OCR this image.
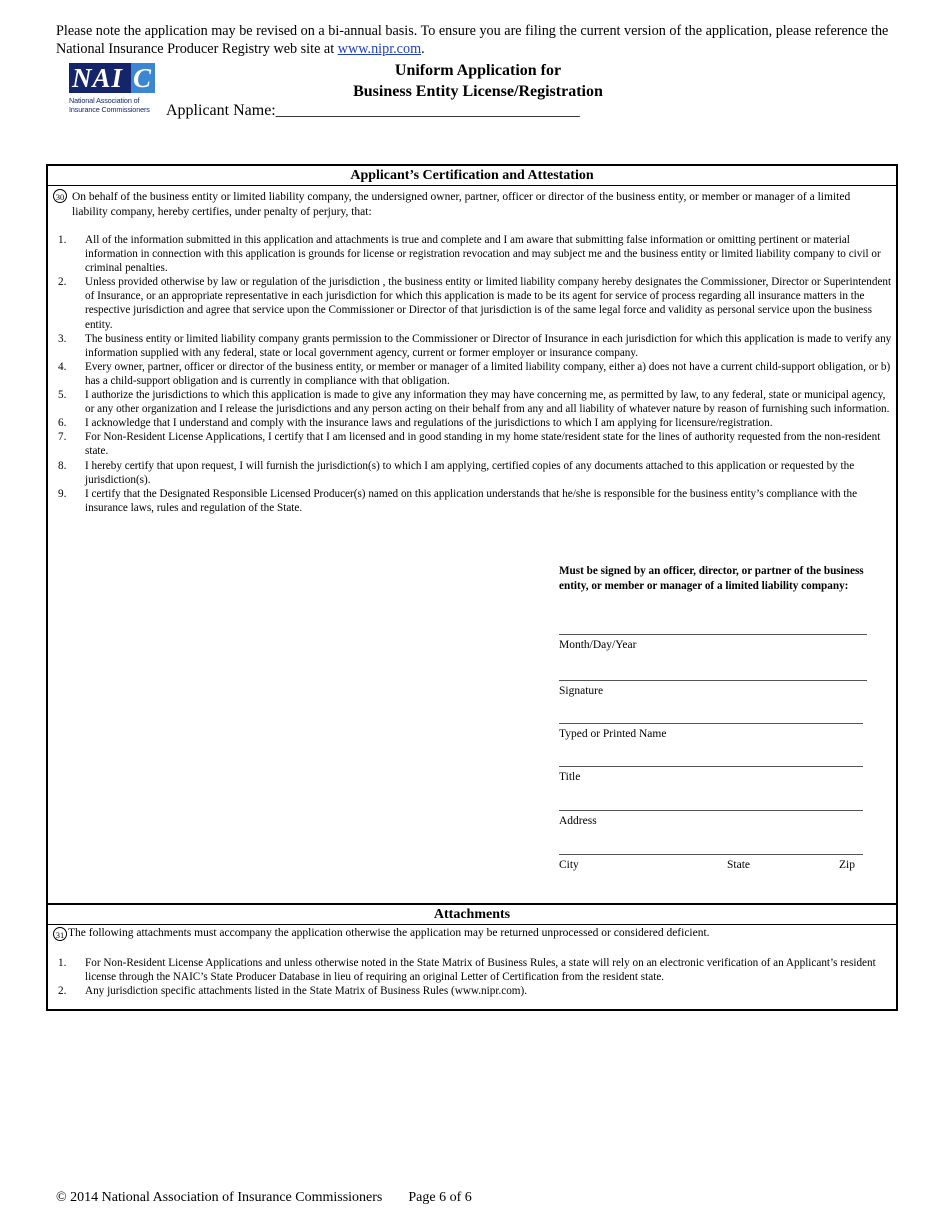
Please note the application may be revised on a bi-annual basis. To ensure you are filing the current version of the application, please reference the National Insurance Producer Registry web site at www.nipr.com.
NAI C
National Association of
Insurance Commissioners
Uniform Application for
Business Entity License/Registration
Applicant Name:______________________________________
Applicant’s Certification and Attestation
30 On behalf of the business entity or limited liability company, the undersigned owner, partner, officer or director of the business entity, or member or manager of a limited liability company, hereby certifies, under penalty of perjury, that:
1. All of the information submitted in this application and attachments is true and complete and I am aware that submitting false information or omitting pertinent or material information in connection with this application is grounds for license or registration revocation and may subject me and the business entity or limited liability company to civil or criminal penalties.
2. Unless provided otherwise by law or regulation of the jurisdiction , the business entity or limited liability company hereby designates the Commissioner, Director or Superintendent of Insurance, or an appropriate representative in each jurisdiction for which this application is made to be its agent for service of process regarding all insurance matters in the respective jurisdiction and agree that service upon the Commissioner or Director of that jurisdiction is of the same legal force and validity as personal service upon the business entity.
3. The business entity or limited liability company grants permission to the Commissioner or Director of Insurance in each jurisdiction for which this application is made to verify any information supplied with any federal, state or local government agency, current or former employer or insurance company.
4. Every owner, partner, officer or director of the business entity, or member or manager of a limited liability company, either a) does not have a current child-support obligation, or b) has a child-support obligation and is currently in compliance with that obligation.
5. I authorize the jurisdictions to which this application is made to give any information they may have concerning me, as permitted by law, to any federal, state or municipal agency, or any other organization and I release the jurisdictions and any person acting on their behalf from any and all liability of whatever nature by reason of furnishing such information.
6. I acknowledge that I understand and comply with the insurance laws and regulations of the jurisdictions to which I am applying for licensure/registration.
7. For Non-Resident License Applications, I certify that I am licensed and in good standing in my home state/resident state for the lines of authority requested from the non-resident state.
8. I hereby certify that upon request, I will furnish the jurisdiction(s) to which I am applying, certified copies of any documents attached to this application or requested by the jurisdiction(s).
9. I certify that the Designated Responsible Licensed Producer(s) named on this application understands that he/she is responsible for the business entity’s compliance with the insurance laws, rules and regulation of the State.
Must be signed by an officer, director, or partner of the business entity, or member or manager of a limited liability company:
Month/Day/Year
Signature
Typed or Printed Name
Title
Address
City	State	Zip
Attachments
31 The following attachments must accompany the application otherwise the application may be returned unprocessed or considered deficient.
1. For Non-Resident License Applications and unless otherwise noted in the State Matrix of Business Rules, a state will rely on an electronic verification of an Applicant’s resident license through the NAIC’s State Producer Database in lieu of requiring an original Letter of Certification from the resident state.
2. Any jurisdiction specific attachments listed in the State Matrix of Business Rules (www.nipr.com).
© 2014 National Association of Insurance Commissioners Page 6 of 6
